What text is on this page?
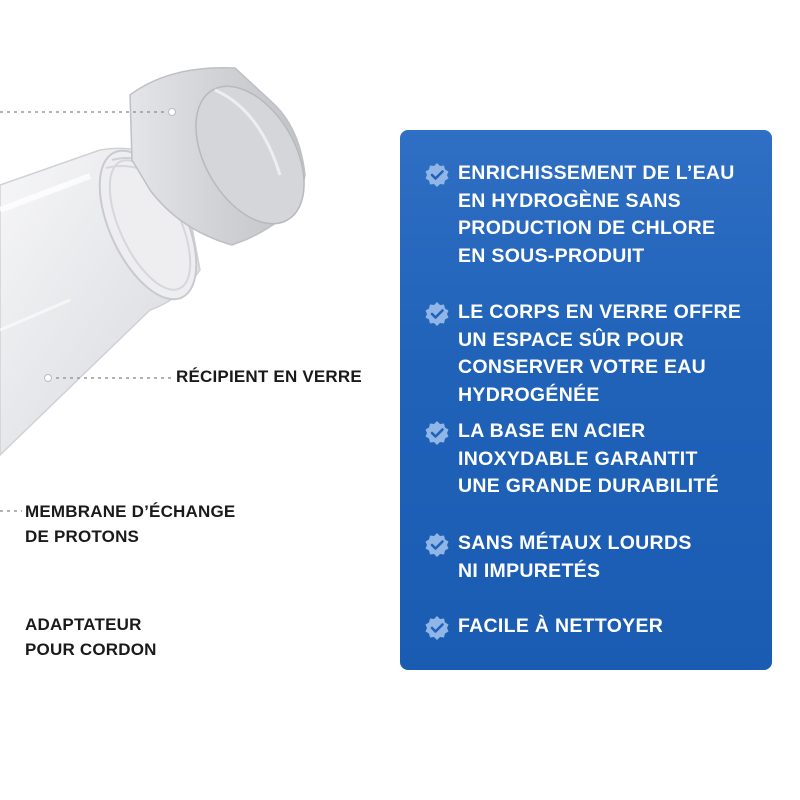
RÉCIPIENT EN VERRE
MEMBRANE D’ÉCHANGE
DE PROTONS
ADAPTATEUR
POUR CORDON
ENRICHISSEMENT DE L’EAU
EN HYDROGÈNE SANS
PRODUCTION DE CHLORE
EN SOUS-PRODUIT
LE CORPS EN VERRE OFFRE
UN ESPACE SÛR POUR
CONSERVER VOTRE EAU
HYDROGÉNÉE
LA BASE EN ACIER
INOXYDABLE GARANTIT
UNE GRANDE DURABILITÉ
SANS MÉTAUX LOURDS
NI IMPURETÉS
FACILE À NETTOYER
